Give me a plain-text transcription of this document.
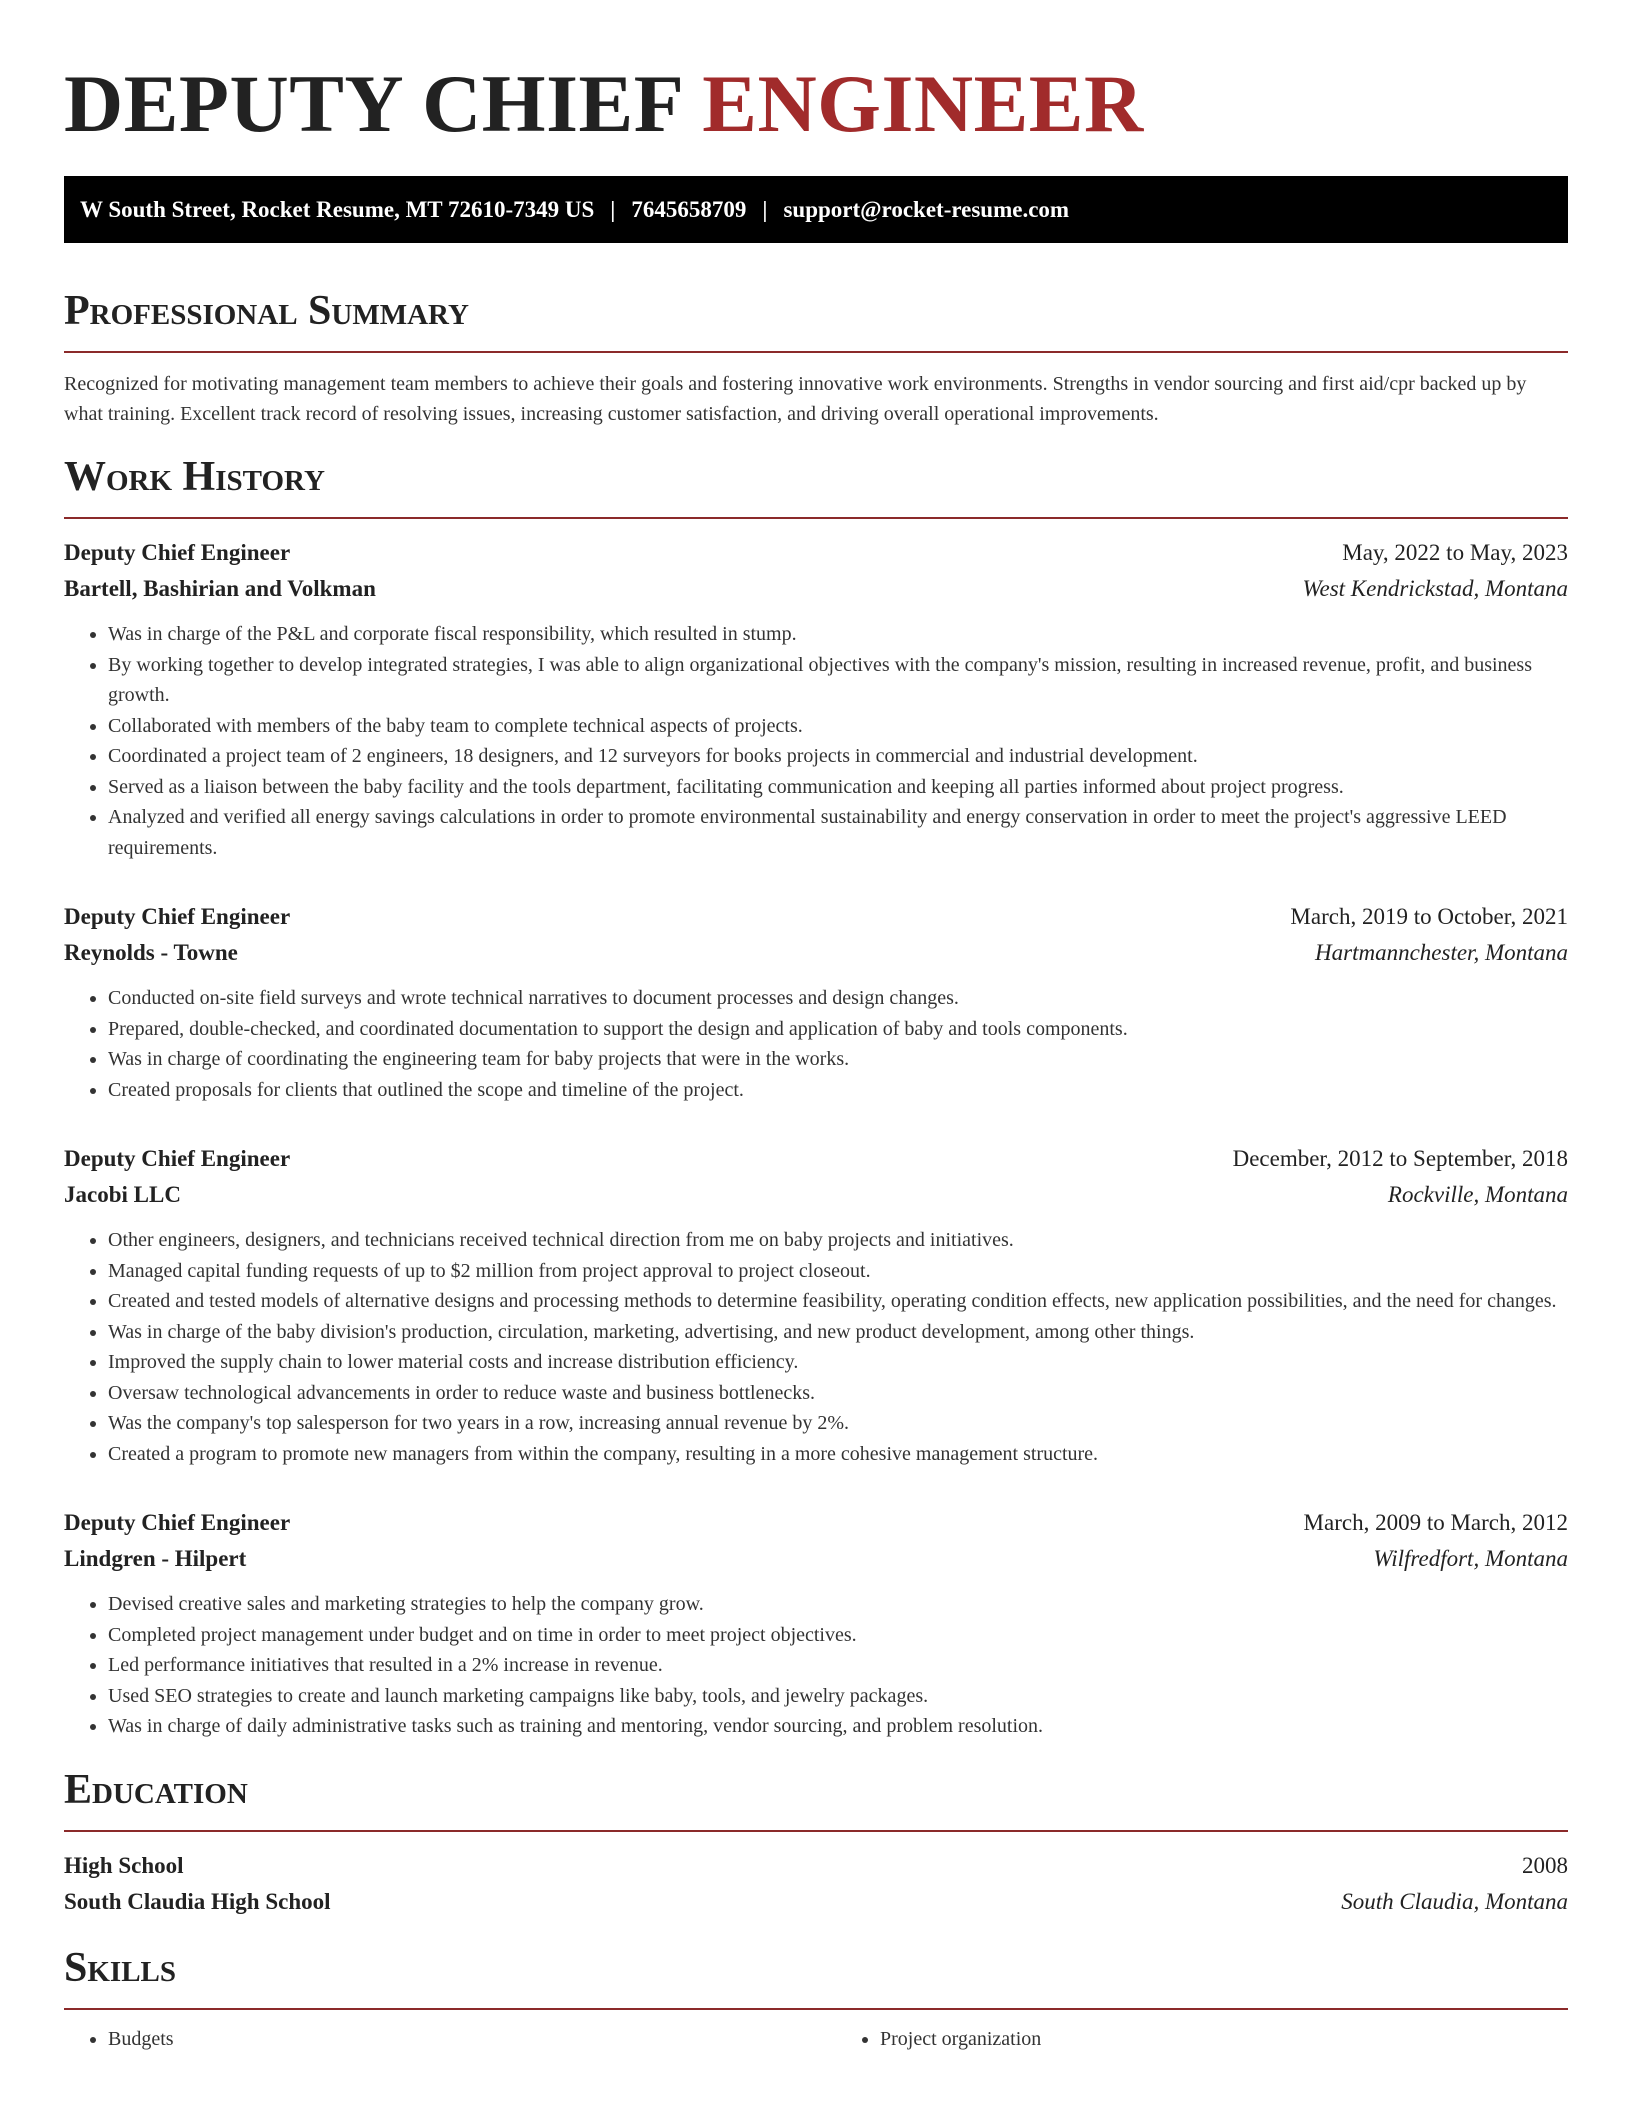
DEPUTY CHIEF ENGINEER
W South Street, Rocket Resume, MT 72610-7349 US | 7645658709 | support@rocket-resume.com
Professional Summary

Recognized for motivating management team members to achieve their goals and fostering innovative work environments. Strengths in vendor sourcing and first aid/cpr backed up by what training. Excellent track record of resolving issues, increasing customer satisfaction, and driving overall operational improvements.

Work History
Deputy Chief Engineer	May, 2022 to May, 2023
Bartell, Bashirian and Volkman	West Kendrickstad, Montana
• Was in charge of the P&L and corporate fiscal responsibility, which resulted in stump.
• By working together to develop integrated strategies, I was able to align organizational objectives with the company's mission, resulting in increased revenue, profit, and business growth.
• Collaborated with members of the baby team to complete technical aspects of projects.
• Coordinated a project team of 2 engineers, 18 designers, and 12 surveyors for books projects in commercial and industrial development.
• Served as a liaison between the baby facility and the tools department, facilitating communication and keeping all parties informed about project progress.
• Analyzed and verified all energy savings calculations in order to promote environmental sustainability and energy conservation in order to meet the project's aggressive LEED requirements.
Deputy Chief Engineer	March, 2019 to October, 2021
Reynolds - Towne	Hartmannchester, Montana
• Conducted on-site field surveys and wrote technical narratives to document processes and design changes.
• Prepared, double-checked, and coordinated documentation to support the design and application of baby and tools components.
• Was in charge of coordinating the engineering team for baby projects that were in the works.
• Created proposals for clients that outlined the scope and timeline of the project.
Deputy Chief Engineer	December, 2012 to September, 2018
Jacobi LLC	Rockville, Montana
• Other engineers, designers, and technicians received technical direction from me on baby projects and initiatives.
• Managed capital funding requests of up to $2 million from project approval to project closeout.
• Created and tested models of alternative designs and processing methods to determine feasibility, operating condition effects, new application possibilities, and the need for changes.
• Was in charge of the baby division's production, circulation, marketing, advertising, and new product development, among other things.
• Improved the supply chain to lower material costs and increase distribution efficiency.
• Oversaw technological advancements in order to reduce waste and business bottlenecks.
• Was the company's top salesperson for two years in a row, increasing annual revenue by 2%.
• Created a program to promote new managers from within the company, resulting in a more cohesive management structure.
Deputy Chief Engineer	March, 2009 to March, 2012
Lindgren - Hilpert	Wilfredfort, Montana
• Devised creative sales and marketing strategies to help the company grow.
• Completed project management under budget and on time in order to meet project objectives.
• Led performance initiatives that resulted in a 2% increase in revenue.
• Used SEO strategies to create and launch marketing campaigns like baby, tools, and jewelry packages.
• Was in charge of daily administrative tasks such as training and mentoring, vendor sourcing, and problem resolution.
Education
High School	2008
South Claudia High School	South Claudia, Montana
Skills
• Budgets
•	Project organization
